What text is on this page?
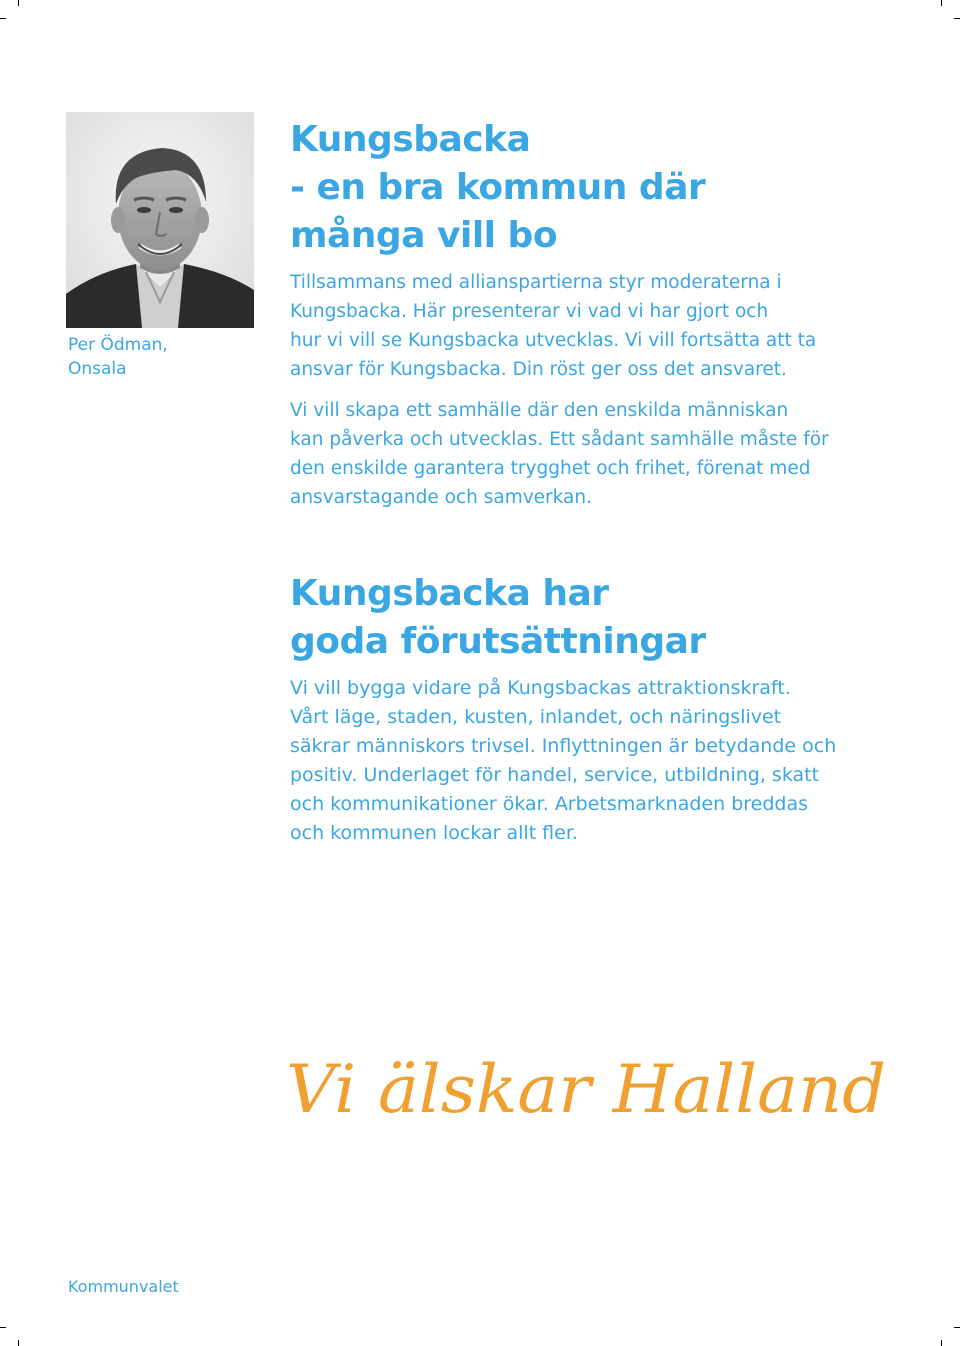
Per Ödman,
Onsala
Kungsbacka
- en bra kommun där
många vill bo

Tillsammans med allianspartierna styr moderaterna i
Kungsbacka. Här presenterar vi vad vi har gjort och
hur vi vill se Kungsbacka utvecklas. Vi vill fortsätta att ta
ansvar för Kungsbacka. Din röst ger oss det ansvaret.

Vi vill skapa ett samhälle där den enskilda människan
kan påverka och utvecklas. Ett sådant samhälle måste för
den enskilde garantera trygghet och frihet, förenat med
ansvarstagande och samverkan.

Kungsbacka har
goda förutsättningar

Vi vill bygga vidare på Kungsbackas attraktionskraft.
Vårt läge, staden, kusten, inlandet, och näringslivet
säkrar människors trivsel. Inflyttningen är betydande och
positiv. Underlaget för handel, service, utbildning, skatt
och kommunikationer ökar. Arbetsmarknaden breddas
och kommunen lockar allt fler.

Vi älskar Halland
Kommunvalet
